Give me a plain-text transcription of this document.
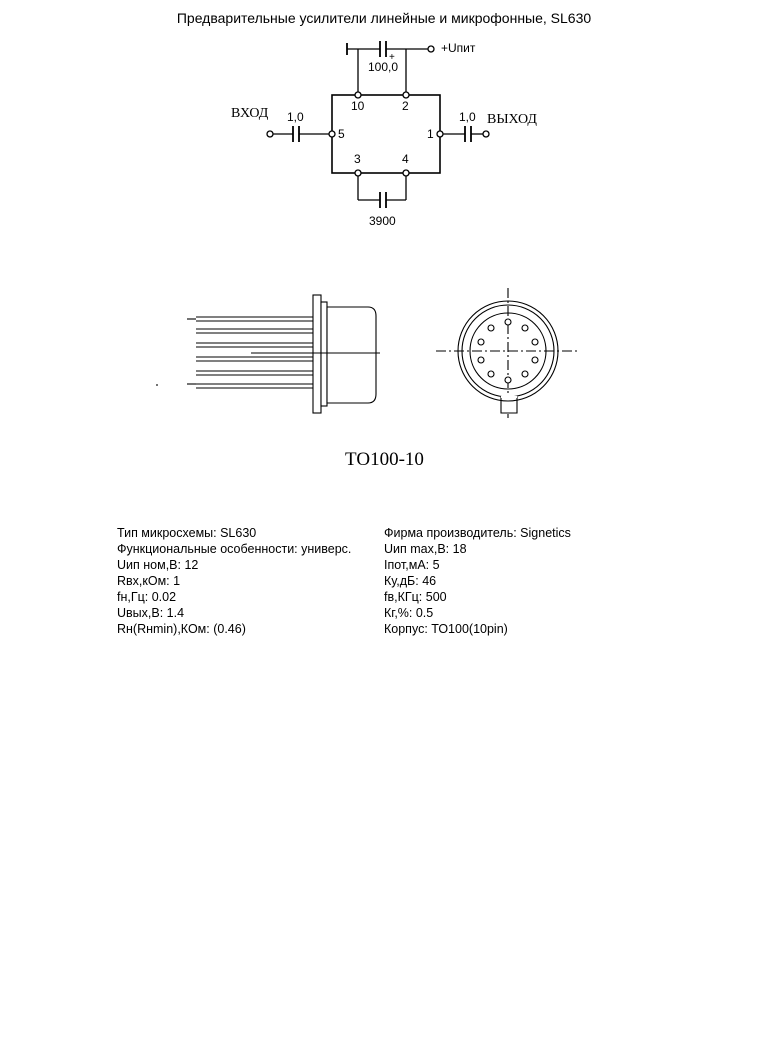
Предварительные усилители линейные и микрофонные, SL630
+Uпит
100,0
+
ВХОД 1,0	ВЫХОД
1,0
3900
10	2
5	1
3	4
ТО100-10
Тип микросхемы: SL630
Функциональные особенности: универс.
Uип ном,В: 12
Rвх,кОм: 1
fн,Гц: 0.02
Uвых,В: 1.4
Rн(Rнmin),КОм: (0.46)
Фирма производитель: Signetics
Uип max,В: 18
Iпот,мА: 5
Ку,дБ: 46
fв,КГц: 500
Кг,%: 0.5
Корпус: ТО100(10pin)
